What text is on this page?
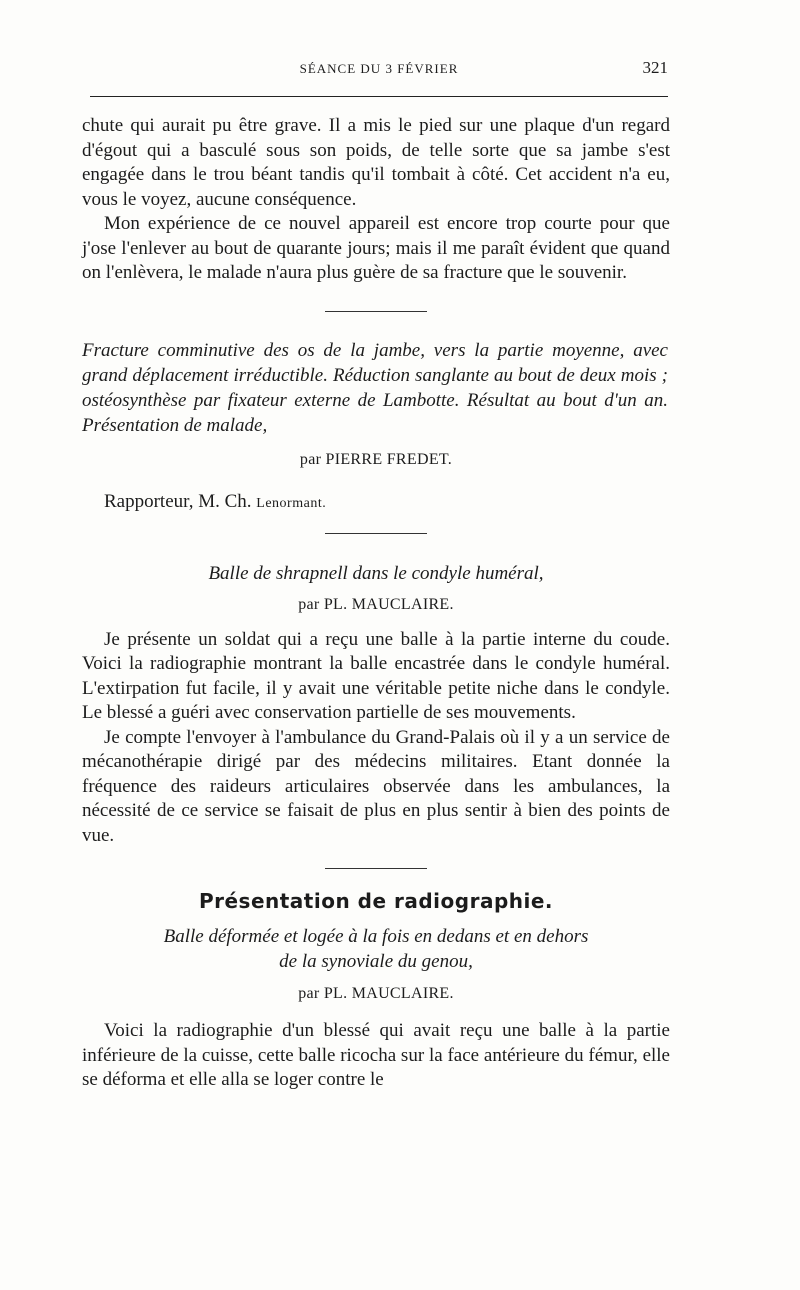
SÉANCE DU 3 FÉVRIER	321

chute qui aurait pu être grave. Il a mis le pied sur une plaque d'un regard d'égout qui a basculé sous son poids, de telle sorte que sa jambe s'est engagée dans le trou béant tandis qu'il tombait à côté. Cet accident n'a eu, vous le voyez, aucune conséquence.

Mon expérience de ce nouvel appareil est encore trop courte pour que j'ose l'enlever au bout de quarante jours; mais il me paraît évident que quand on l'enlèvera, le malade n'aura plus guère de sa fracture que le souvenir.

Fracture comminutive des os de la jambe, vers la partie moyenne, avec grand déplacement irréductible. Réduction sanglante au bout de deux mois ; ostéosynthèse par fixateur externe de Lambotte. Résultat au bout d'un an. Présentation de malade,
par PIERRE FREDET.
Rapporteur, M. Ch. Lenormant.
Balle de shrapnell dans le condyle huméral,
par PL. MAUCLAIRE.

Je présente un soldat qui a reçu une balle à la partie interne du coude. Voici la radiographie montrant la balle encastrée dans le condyle huméral. L'extirpation fut facile, il y avait une véritable petite niche dans le condyle. Le blessé a guéri avec conservation partielle de ses mouvements.

Je compte l'envoyer à l'ambulance du Grand-Palais où il y a un service de mécanothérapie dirigé par des médecins militaires. Etant donnée la fréquence des raideurs articulaires observée dans les ambulances, la nécessité de ce service se faisait de plus en plus sentir à bien des points de vue.

Présentation de radiographie.
Balle déformée et logée à la fois en dedans et en dehors
de la synoviale du genou,
par PL. MAUCLAIRE.

Voici la radiographie d'un blessé qui avait reçu une balle à la partie inférieure de la cuisse, cette balle ricocha sur la face antérieure du fémur, elle se déforma et elle alla se loger contre le
